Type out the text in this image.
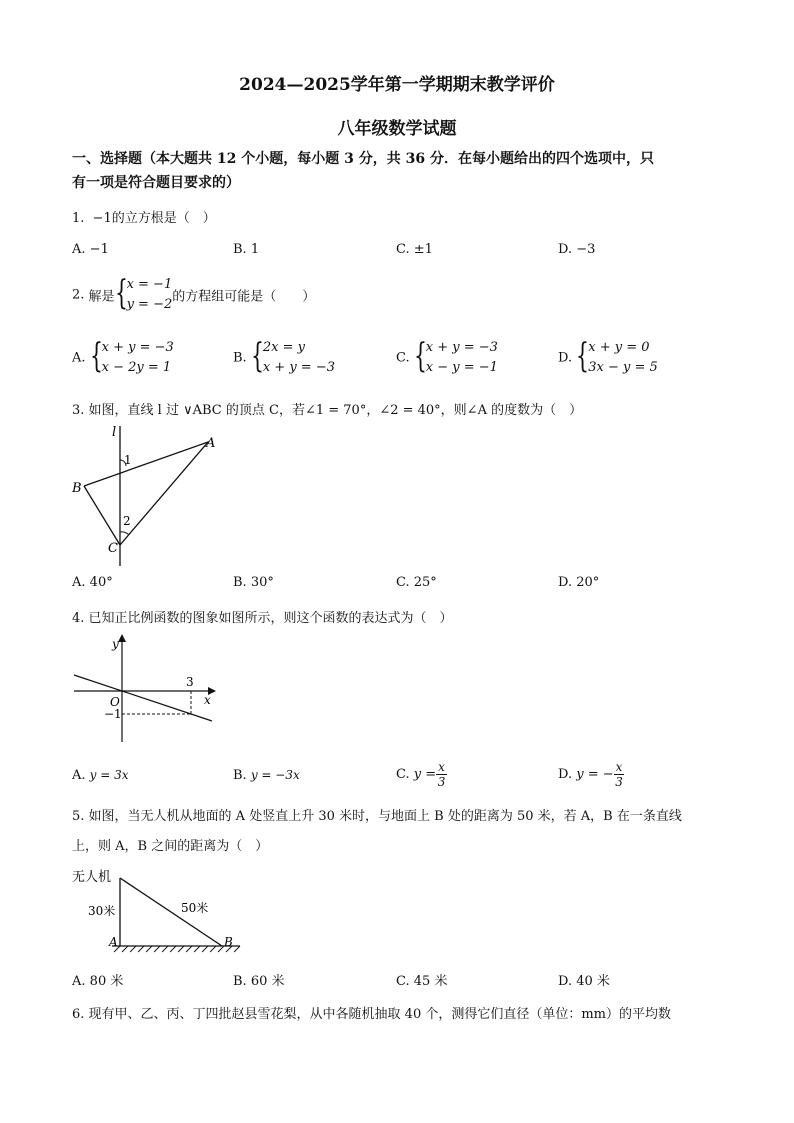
2024—2025学年第一学期期末教学评价
八年级数学试题
一、选择题（本大题共 12 个小题，每小题 3 分，共 36 分．在每小题给出的四个选项中，只
有一项是符合题目要求的）
1. −1的立方根是（　）
A. −1	B. 1	C. ±1	D. −3
2. 解是 { x = −1
y = −2 的方程组可能是（　　）
A. { x + y = −3
x − 2y = 1
B. { 2x = y
x + y = −3
C. { x + y = −3
x − y = −1
D. { x + y = 0
3x − y = 5
3. 如图，直线 l 过 ∨ABC 的顶点 C，若∠1 = 70°，∠2 = 40°，则∠A 的度数为（　）
l
A
B
C
1
2
A. 40°	B. 30°	C. 25°	D. 20°
4. 已知正比例函数的图象如图所示，则这个函数的表达式为（　）
y
x
O
3
−1
A. y = 3x	B. y = −3x	C. $y = \frac{x}{3}$	D. y = − $\frac{x}{3}$
5. 如图，当无人机从地面的 A 处竖直上升 30 米时，与地面上 B 处的距离为 50 米，若 A，B 在一条直线
上，则 A，B 之间的距离为（　）
无人机
30米	50米
A	B
A. 80 米	B. 60 米	C. 45 米	D. 40 米
6. 现有甲、乙、丙、丁四批赵县雪花梨，从中各随机抽取 40 个，测得它们直径（单位：mm）的平均数
